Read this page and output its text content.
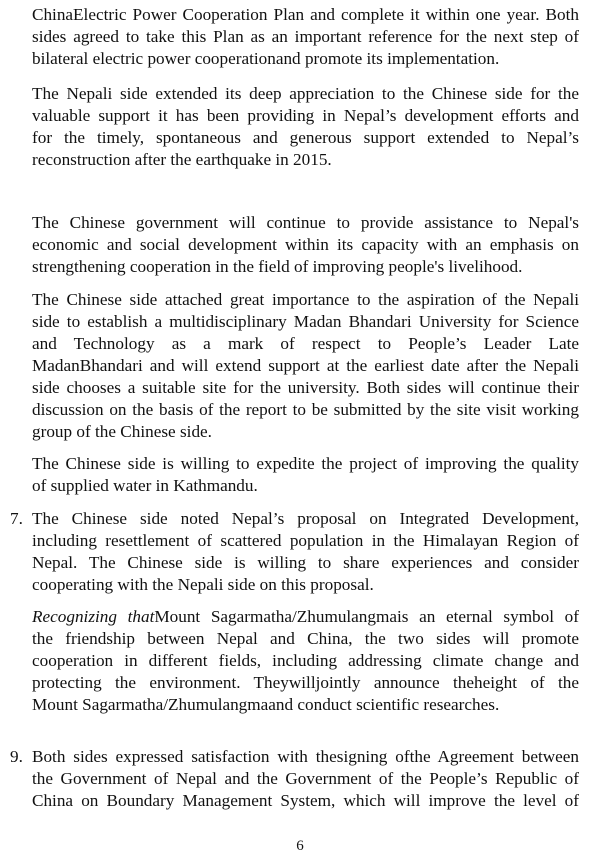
ChinaElectric Power Cooperation Plan and complete it within one year. Both
sides agreed to take this Plan as an important reference for the next step of
bilateral electric power cooperationand promote its implementation.
The Nepali side extended its deep appreciation to the Chinese side for the
valuable support it has been providing in Nepal’s development efforts and
for the timely, spontaneous and generous support extended to Nepal’s
reconstruction after the earthquake in 2015.
The Chinese government will continue to provide assistance to Nepal's
economic and social development within its capacity with an emphasis on
strengthening cooperation in the field of improving people's livelihood.
The Chinese side attached great importance to the aspiration of the Nepali
side to establish a multidisciplinary Madan Bhandari University for Science
and Technology as a mark of respect to People’s Leader Late
MadanBhandari and will extend support at the earliest date after the Nepali
side chooses a suitable site for the university. Both sides will continue their
discussion on the basis of the report to be submitted by the site visit working
group of the Chinese side.
The Chinese side is willing to expedite the project of improving the quality
of supplied water in Kathmandu.
7. The Chinese side noted Nepal’s proposal on Integrated Development,
including resettlement of scattered population in the Himalayan Region of
Nepal. The Chinese side is willing to share experiences and consider
cooperating with the Nepali side on this proposal.
Recognizing thatMount Sagarmatha/Zhumulangmais an eternal symbol of
the friendship between Nepal and China, the two sides will promote
cooperation in different fields, including addressing climate change and
protecting the environment. Theywilljointly announce theheight of the
Mount Sagarmatha/Zhumulangmaand conduct scientific researches.
9. Both sides expressed satisfaction with thesigning ofthe Agreement between
the Government of Nepal and the Government of the People’s Republic of
China on Boundary Management System, which will improve the level of
6
